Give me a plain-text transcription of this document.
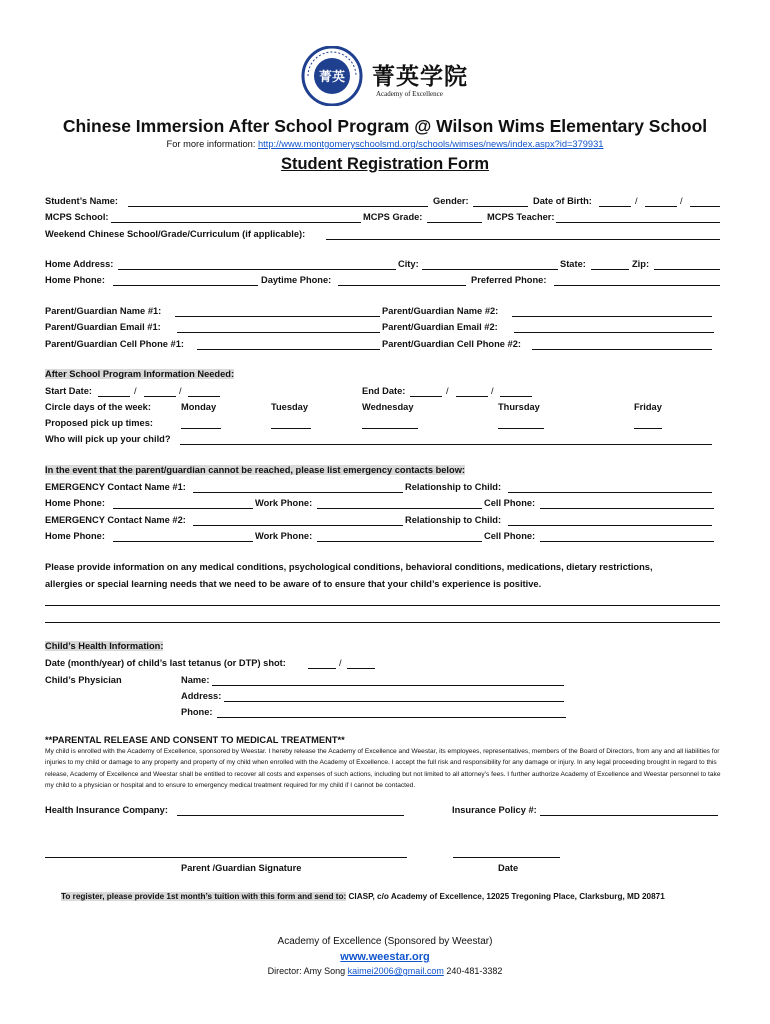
菁英 菁英学院
Academy of Excellence
Chinese Immersion After School Program @ Wilson Wims Elementary School
For more information: http://www.montgomeryschoolsmd.org/schools/wimses/news/index.aspx?id=379931
Student Registration Form
Student’s Name:	Gender:	Date of Birth:	/	/
MCPS School:	MCPS Grade:	MCPS Teacher:
Weekend Chinese School/Grade/Curriculum (if applicable):
Home Address:	City:	State:	Zip:
Home Phone:	Daytime Phone:	Preferred Phone:
Parent/Guardian Name #1:	Parent/Guardian Name #2:
Parent/Guardian Email #1:	Parent/Guardian Email #2:
Parent/Guardian Cell Phone #1:	Parent/Guardian Cell Phone #2:
After School Program Information Needed:
Start Date:	/	/	End Date:	/	/
Circle days of the week:	Monday	Tuesday	Wednesday	Thursday	Friday
Proposed pick up times:
Who will pick up your child?
In the event that the parent/guardian cannot be reached, please list emergency contacts below:
EMERGENCY Contact Name #1:	Relationship to Child:
Home Phone:	Work Phone:	Cell Phone:
EMERGENCY Contact Name #2:	Relationship to Child:
Home Phone:	Work Phone:	Cell Phone:
Please provide information on any medical conditions, psychological conditions, behavioral conditions, medications, dietary restrictions,
allergies or special learning needs that we need to be aware of to ensure that your child’s experience is positive.
Child’s Health Information:
Date (month/year) of child’s last tetanus (or DTP) shot:	/
Child’s Physician	Name:
Address:
Phone:
**PARENTAL RELEASE AND CONSENT TO MEDICAL TREATMENT**
My child is enrolled with the Academy of Excellence, sponsored by Weestar. I hereby release the Academy of Excellence and Weestar, its employees, representatives, members of the Board of Directors, from any and all liabilities for injuries to my child or damage to any property and property of my child when enrolled with the Academy of Excellence. I accept the full risk and responsibility for any damage or injury. In any legal proceeding brought in regard to this release, Academy of Excellence and Weestar shall be entitled to recover all costs and expenses of such actions, including but not limited to all attorney’s fees. I further authorize Academy of Excellence and Weestar personnel to take my child to a physician or hospital and to ensure to emergency medical treatment required for my child if I cannot be contacted.
Health Insurance Company:	Insurance Policy #:
Parent /Guardian Signature	Date
To register, please provide 1st month’s tuition with this form and send to: CIASP, c/o Academy of Excellence, 12025 Tregoning Place, Clarksburg, MD 20871
Academy of Excellence (Sponsored by Weestar)
www.weestar.org
Director: Amy Song kaimei2006@gmail.com 240-481-3382
